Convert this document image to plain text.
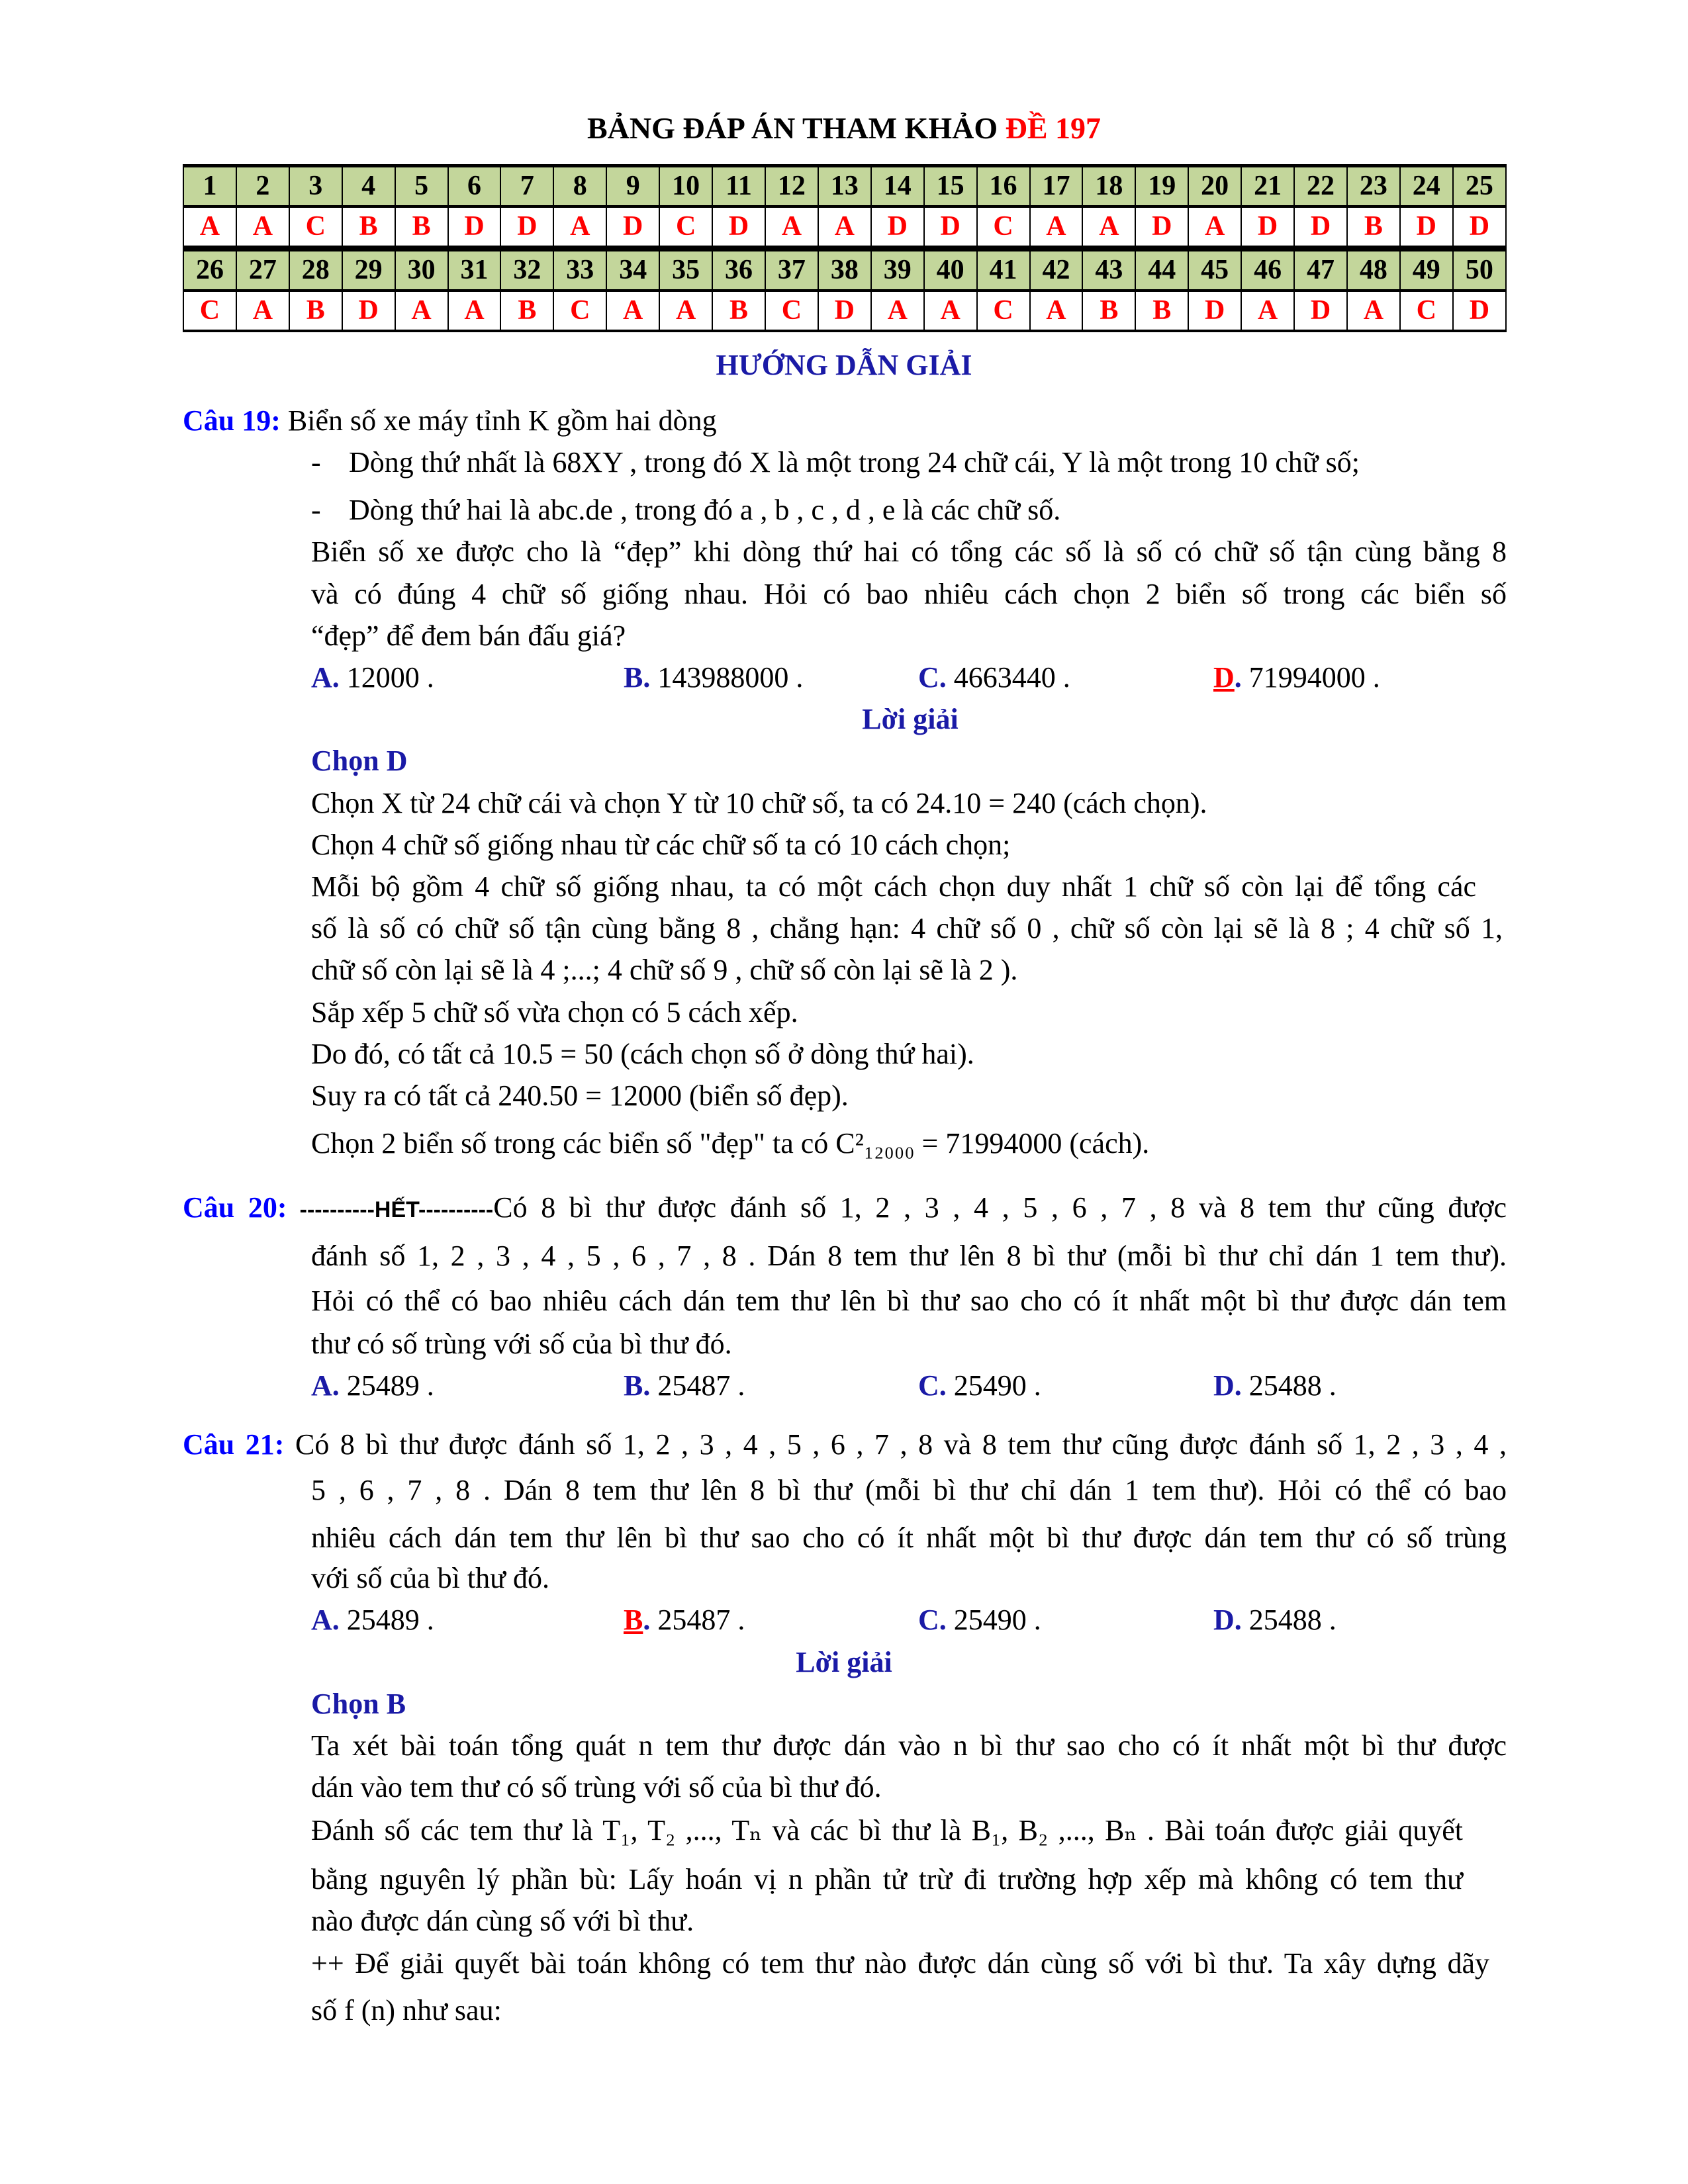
BẢNG ĐÁP ÁN THAM KHẢO ĐỀ 197
1	2	3	4	5	6	7	8	9	10	11	12	13	14	15	16	17	18	19	20	21	22	23	24	25
A	A	C	B	B	D	D	A	D	C	D	A	A	D	D	C	A	A	D	A	D	D	B	D	D
26	27	28	29	30	31	32	33	34	35	36	37	38	39	40	41	42	43	44	45	46	47	48	49	50
C	A	B	D	A	A	B	C	A	A	B	C	D	A	A	C	A	B	B	D	A	D	A	C	D
HƯỚNG DẪN GIẢI
Câu 19: Biển số xe máy tỉnh K gồm hai dòng
- Dòng thứ nhất là 68XY , trong đó X là một trong 24 chữ cái, Y là một trong 10 chữ số;
- Dòng thứ hai là abc.de , trong đó a , b , c , d , e là các chữ số.
Biển số xe được cho là “đẹp” khi dòng thứ hai có tổng các số là số có chữ số tận cùng bằng 8
và có đúng 4 chữ số giống nhau. Hỏi có bao nhiêu cách chọn 2 biển số trong các biển số
“đẹp” để đem bán đấu giá?
A. 12000 .	B. 143988000 .	C. 4663440 .	D. 71994000 .
Lời giải
Chọn D
Chọn X từ 24 chữ cái và chọn Y từ 10 chữ số, ta có 24.10 = 240 (cách chọn).
Chọn 4 chữ số giống nhau từ các chữ số ta có 10 cách chọn;
Mỗi bộ gồm 4 chữ số giống nhau, ta có một cách chọn duy nhất 1 chữ số còn lại để tổng các
số là số có chữ số tận cùng bằng 8 , chẳng hạn: 4 chữ số 0 , chữ số còn lại sẽ là 8 ; 4 chữ số 1,
chữ số còn lại sẽ là 4 ;...; 4 chữ số 9 , chữ số còn lại sẽ là 2 ).
Sắp xếp 5 chữ số vừa chọn có 5 cách xếp.
Do đó, có tất cả 10.5 = 50 (cách chọn số ở dòng thứ hai).
Suy ra có tất cả 240.50 = 12000 (biển số đẹp).
Chọn 2 biển số trong các biển số "đẹp" ta có C²₁₂₀₀₀ = 71994000 (cách).
Câu 20: ----------HẾT----------Có 8 bì thư được đánh số 1, 2 , 3 , 4 , 5 , 6 , 7 , 8 và 8 tem thư cũng được
đánh số 1, 2 , 3 , 4 , 5 , 6 , 7 , 8 . Dán 8 tem thư lên 8 bì thư (mỗi bì thư chỉ dán 1 tem thư).
Hỏi có thể có bao nhiêu cách dán tem thư lên bì thư sao cho có ít nhất một bì thư được dán tem
thư có số trùng với số của bì thư đó.
A. 25489 .	B. 25487 .	C. 25490 .	D. 25488 .
Câu 21: Có 8 bì thư được đánh số 1, 2 , 3 , 4 , 5 , 6 , 7 , 8 và 8 tem thư cũng được đánh số 1, 2 , 3 , 4 ,
5 , 6 , 7 , 8 . Dán 8 tem thư lên 8 bì thư (mỗi bì thư chỉ dán 1 tem thư). Hỏi có thể có bao
nhiêu cách dán tem thư lên bì thư sao cho có ít nhất một bì thư được dán tem thư có số trùng
với số của bì thư đó.
A. 25489 .	B. 25487 .	C. 25490 .	D. 25488 .
Lời giải
Chọn B
Ta xét bài toán tổng quát n tem thư được dán vào n bì thư sao cho có ít nhất một bì thư được
dán vào tem thư có số trùng với số của bì thư đó.
Đánh số các tem thư là T₁, T₂ ,..., Tₙ và các bì thư là B₁, B₂ ,..., Bₙ . Bài toán được giải quyết
bằng nguyên lý phần bù: Lấy hoán vị n phần tử trừ đi trường hợp xếp mà không có tem thư
nào được dán cùng số với bì thư.
++ Để giải quyết bài toán không có tem thư nào được dán cùng số với bì thư. Ta xây dựng dãy
số f (n) như sau:
